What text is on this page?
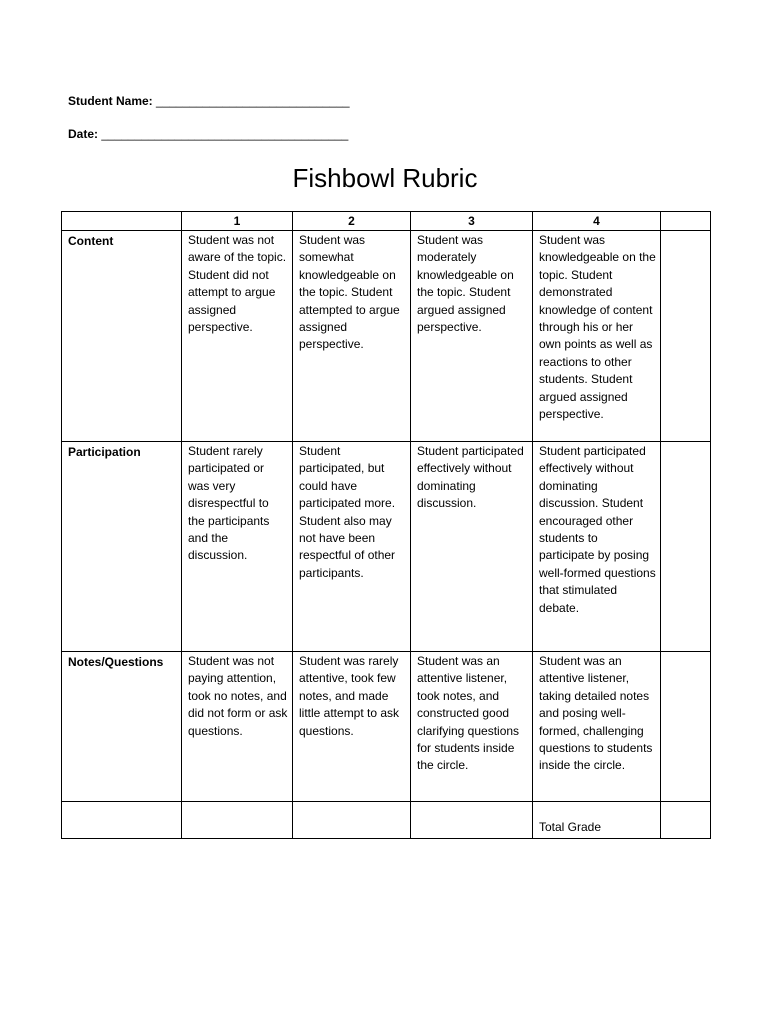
Student Name: _____________________________
Date: _____________________________________
Fishbowl Rubric
	1	2	3	4	
Content	Student was not aware of the topic. Student did not attempt to argue assigned perspective.	Student was somewhat knowledgeable on the topic. Student attempted to argue assigned perspective.	Student was moderately knowledgeable on the topic. Student argued assigned perspective.	Student was knowledgeable on the topic. Student demonstrated knowledge of content through his or her own points as well as reactions to other students. Student argued assigned perspective.	
Participation	Student rarely participated or was very disrespectful to the participants and the discussion.	Student participated, but could have participated more. Student also may not have been respectful of other participants.	Student participated effectively without dominating discussion.	Student participated effectively without dominating discussion. Student encouraged other students to participate by posing well-formed questions that stimulated debate.	
Notes/Questions	Student was not paying attention, took no notes, and did not form or ask questions.	Student was rarely attentive, took few notes, and made little attempt to ask questions.	Student was an attentive listener, took notes, and constructed good clarifying questions for students inside the circle.	Student was an attentive listener, taking detailed notes and posing well-formed, challenging questions to students inside the circle.	
				Total Grade	
